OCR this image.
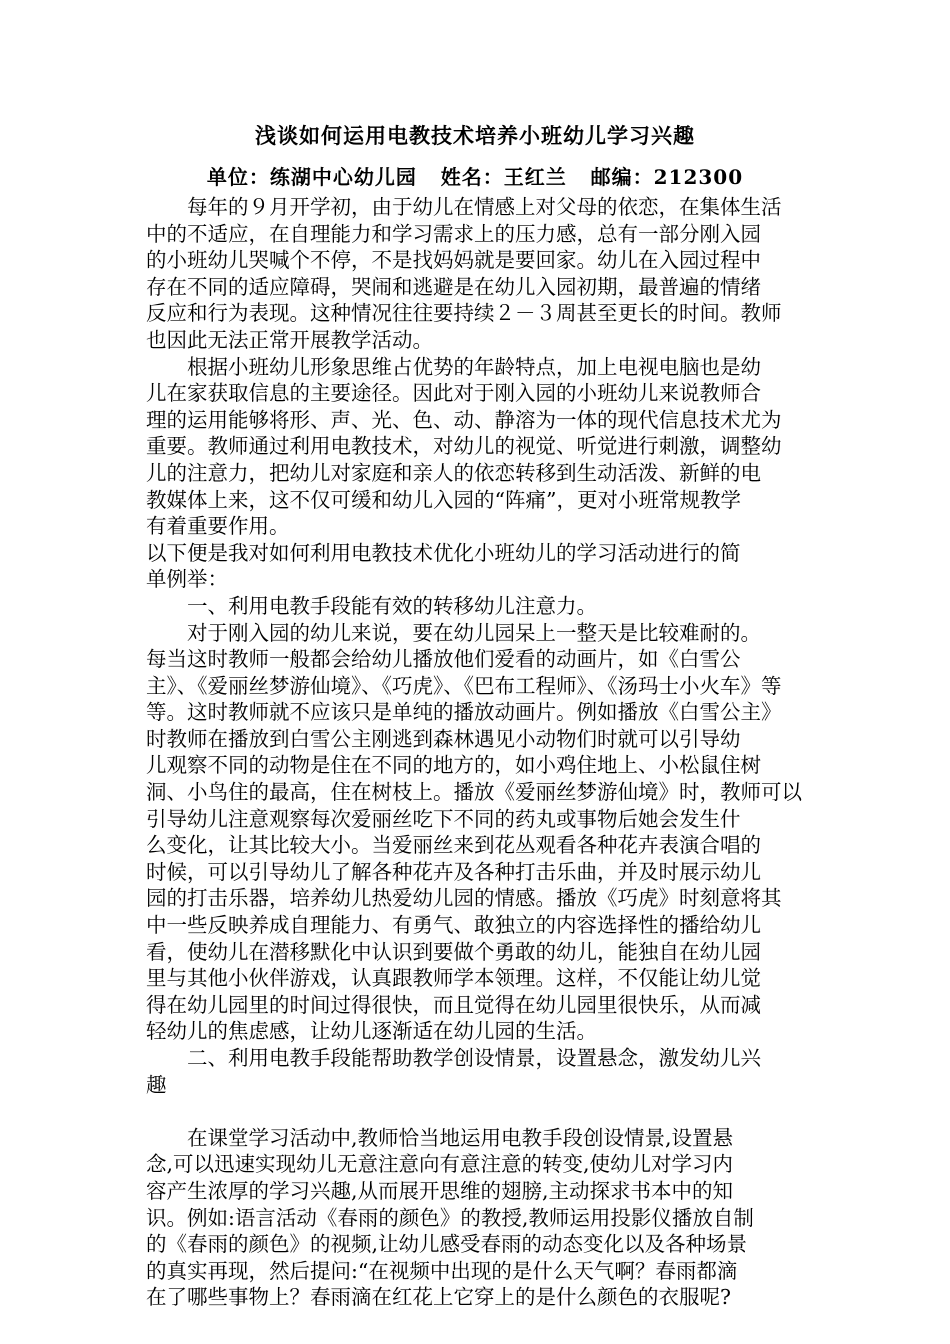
浅谈如何运用电教技术培养小班幼儿学习兴趣
单位：练湖中心幼儿园   姓名：王红兰   邮编：212300
每年的９月开学初，由于幼儿在情感上对父母的依恋，在集体生活
中的不适应，在自理能力和学习需求上的压力感，总有一部分刚入园
的小班幼儿哭喊个不停，不是找妈妈就是要回家。幼儿在入园过程中
存在不同的适应障碍，哭闹和逃避是在幼儿入园初期，最普遍的情绪
反应和行为表现。这种情况往往要持续２－３周甚至更长的时间。教师
也因此无法正常开展教学活动。
根据小班幼儿形象思维占优势的年龄特点，加上电视电脑也是幼
儿在家获取信息的主要途径。因此对于刚入园的小班幼儿来说教师合
理的运用能够将形、声、光、色、动、静溶为一体的现代信息技术尤为
重要。教师通过利用电教技术，对幼儿的视觉、听觉进行刺激，调整幼
儿的注意力，把幼儿对家庭和亲人的依恋转移到生动活泼、新鲜的电
教媒体上来，这不仅可缓和幼儿入园的“阵痛”，更对小班常规教学
有着重要作用。
以下便是我对如何利用电教技术优化小班幼儿的学习活动进行的简
单例举：
一、利用电教手段能有效的转移幼儿注意力。
对于刚入园的幼儿来说，要在幼儿园呆上一整天是比较难耐的。
每当这时教师一般都会给幼儿播放他们爱看的动画片，如《白雪公
主》、《爱丽丝梦游仙境》、《巧虎》、《巴布工程师》、《汤玛士小火车》等
等。这时教师就不应该只是单纯的播放动画片。例如播放《白雪公主》
时教师在播放到白雪公主刚逃到森林遇见小动物们时就可以引导幼
儿观察不同的动物是住在不同的地方的，如小鸡住地上、小松鼠住树
洞、小鸟住的最高，住在树枝上。播放《爱丽丝梦游仙境》时，教师可以
引导幼儿注意观察每次爱丽丝吃下不同的药丸或事物后她会发生什
么变化，让其比较大小。当爱丽丝来到花丛观看各种花卉表演合唱的
时候，可以引导幼儿了解各种花卉及各种打击乐曲，并及时展示幼儿
园的打击乐器，培养幼儿热爱幼儿园的情感。播放《巧虎》时刻意将其
中一些反映养成自理能力、有勇气、敢独立的内容选择性的播给幼儿
看，使幼儿在潜移默化中认识到要做个勇敢的幼儿，能独自在幼儿园
里与其他小伙伴游戏，认真跟教师学本领理。这样，不仅能让幼儿觉
得在幼儿园里的时间过得很快，而且觉得在幼儿园里很快乐，从而减
轻幼儿的焦虑感，让幼儿逐渐适在幼儿园的生活。
二、利用电教手段能帮助教学创设情景，设置悬念，激发幼儿兴
趣
在课堂学习活动中,教师恰当地运用电教手段创设情景,设置悬
念,可以迅速实现幼儿无意注意向有意注意的转变,使幼儿对学习内
容产生浓厚的学习兴趣,从而展开思维的翅膀,主动探求书本中的知
识。例如:语言活动《春雨的颜色》的教授,教师运用投影仪播放自制
的《春雨的颜色》的视频,让幼儿感受春雨的动态变化以及各种场景
的真实再现，然后提问:“在视频中出现的是什么天气啊？春雨都滴
在了哪些事物上？春雨滴在红花上它穿上的是什么颜色的衣服呢?
